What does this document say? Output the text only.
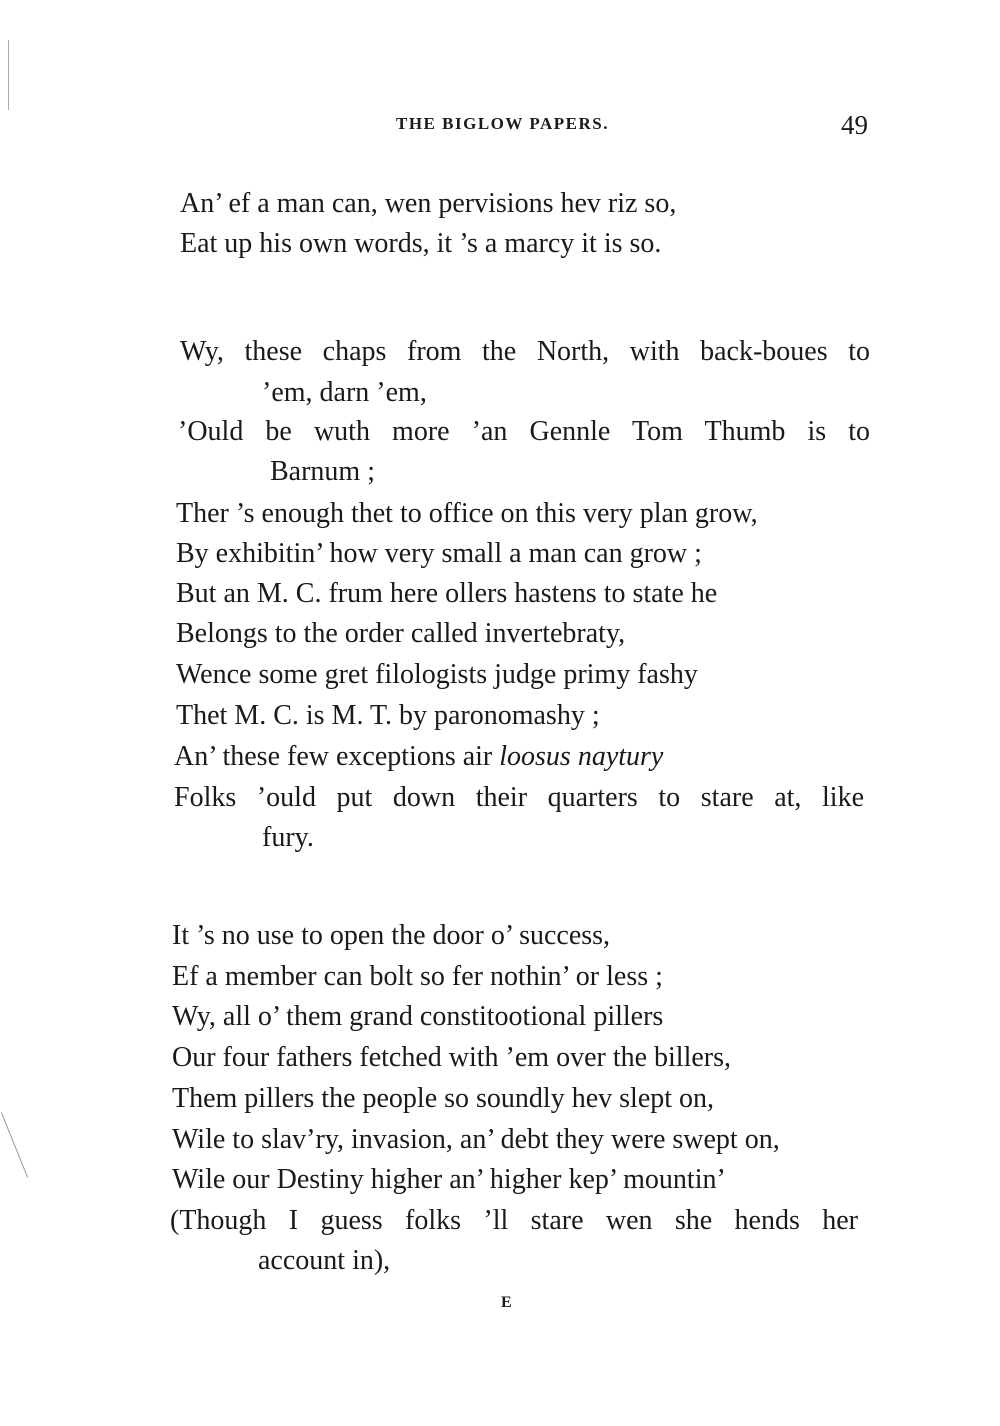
THE BIGLOW PAPERS.	49
An’ ef a man can, wen pervisions hev riz so,
Eat up his own words, it ’s a marcy it is so.
Wy, these chaps from the North, with back-boues to
’em, darn ’em,
’Ould be wuth more ’an Gennle Tom Thumb is to
Barnum ;
Ther ’s enough thet to office on this very plan grow,
By exhibitin’ how very small a man can grow ;
But an M. C. frum here ollers hastens to state he
Belongs to the order called invertebraty,
Wence some gret filologists judge primy fashy
Thet M. C. is M. T. by paronomashy ;
An’ these few exceptions air loosus naytury
Folks ’ould put down their quarters to stare at, like
fury.
It ’s no use to open the door o’ success,
Ef a member can bolt so fer nothin’ or less ;
Wy, all o’ them grand constitootional pillers
Our four fathers fetched with ’em over the billers,
Them pillers the people so soundly hev slept on,
Wile to slav’ry, invasion, an’ debt they were swept on,
Wile our Destiny higher an’ higher kep’ mountin’
(Though I guess folks ’ll stare wen she hends her
account in),
E
